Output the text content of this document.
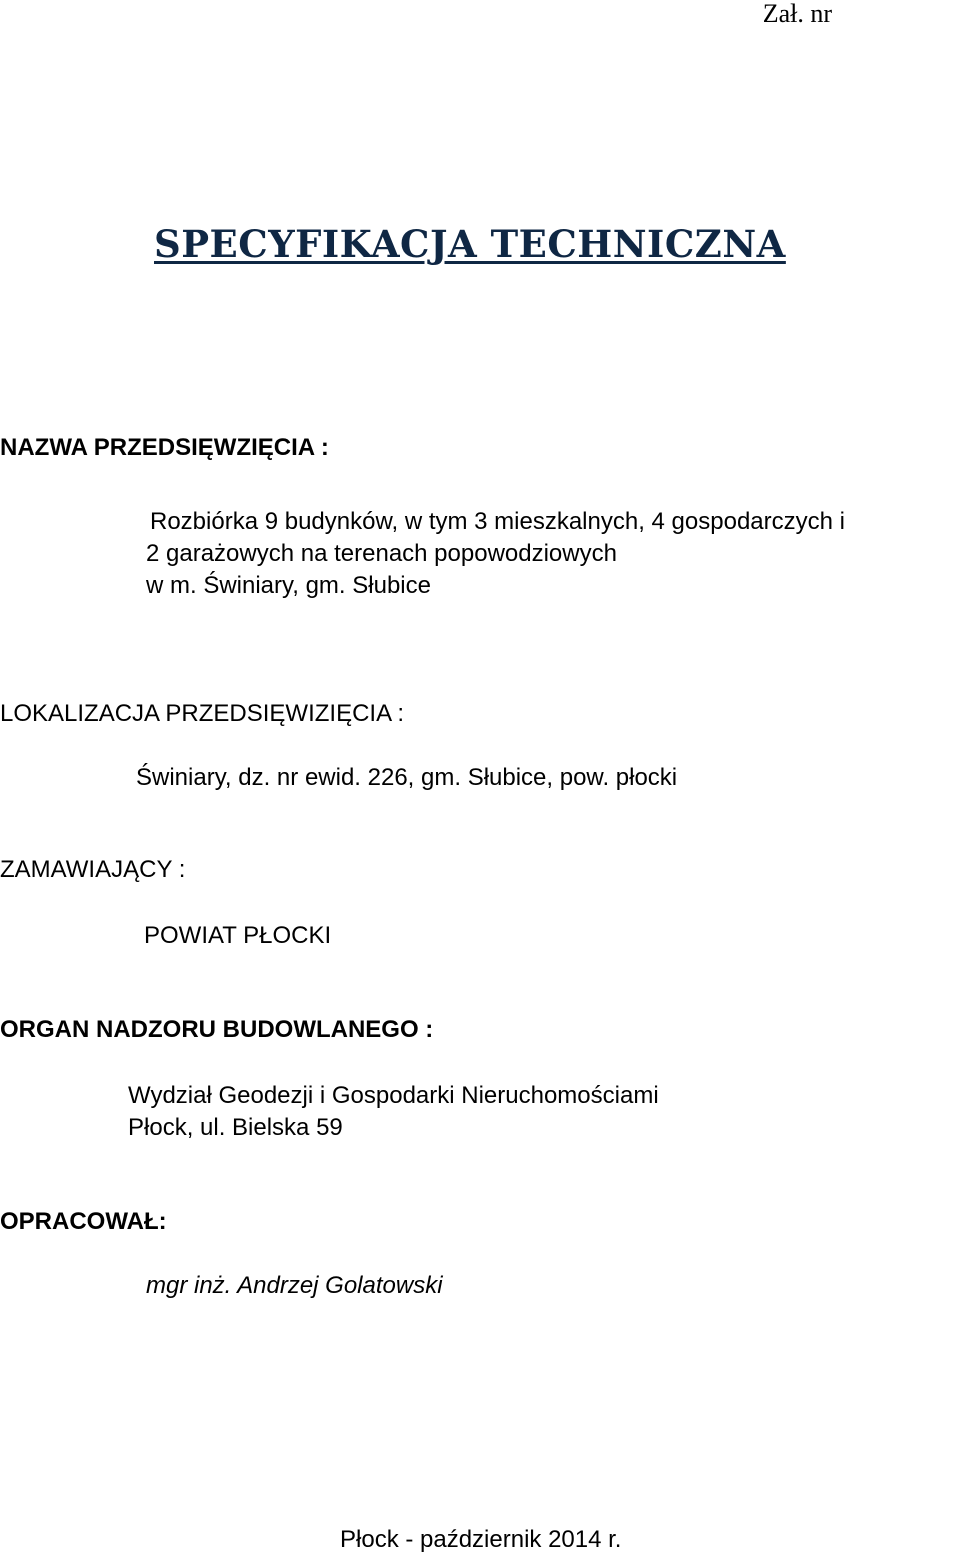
Zał. nr
SPECYFIKACJA TECHNICZNA
NAZWA PRZEDSIĘWZIĘCIA :
Rozbiórka 9 budynków, w tym 3 mieszkalnych, 4 gospodarczych i
2 garażowych na terenach popowodziowych
w m. Świniary, gm. Słubice
LOKALIZACJA PRZEDSIĘWIZIĘCIA :
Świniary, dz. nr ewid. 226, gm. Słubice, pow. płocki
ZAMAWIAJĄCY :
POWIAT PŁOCKI
ORGAN NADZORU BUDOWLANEGO :
Wydział Geodezji i Gospodarki Nieruchomościami
Płock, ul. Bielska 59
OPRACOWAŁ:
mgr inż. Andrzej Golatowski
Płock - październik 2014 r.
